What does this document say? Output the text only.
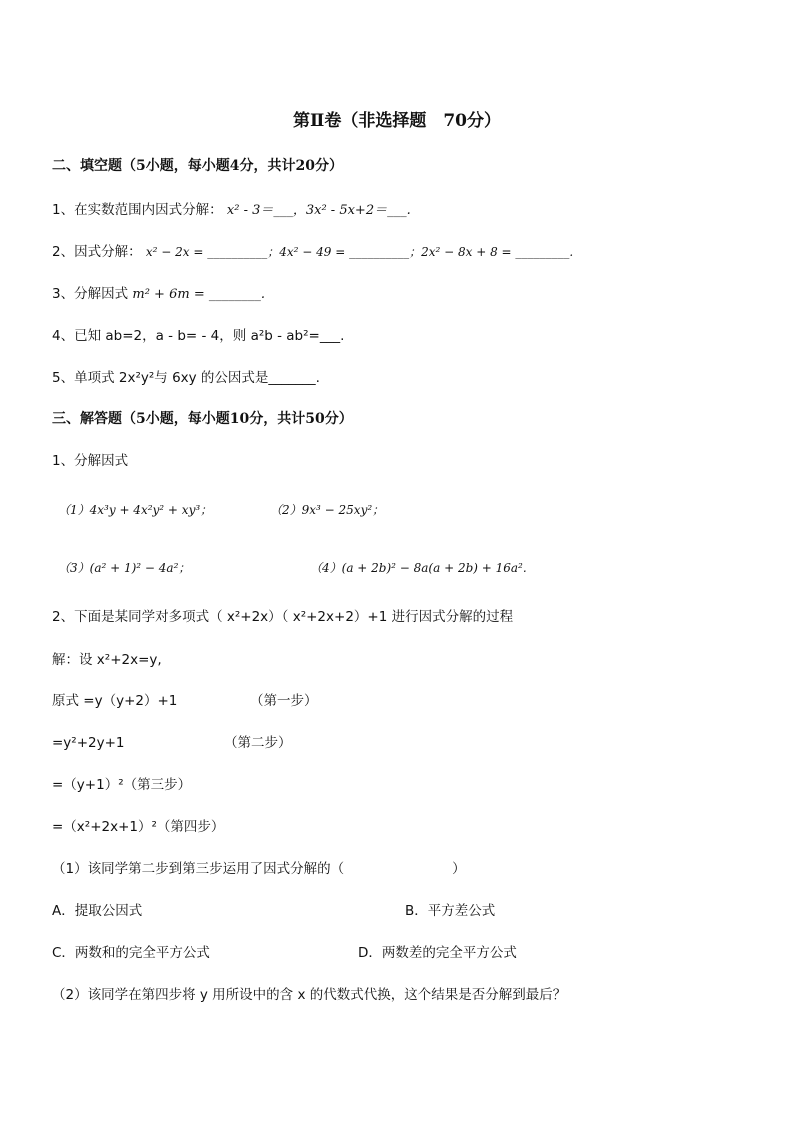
第Ⅱ卷（非选择题　70分）
二、填空题（5小题，每小题4分，共计20分）
1、在实数范围内因式分解： x² - 3＝___，3x² - 5x+2＝___.
2、因式分解： x² − 2x = __________；4x² − 49 = __________；2x² − 8x + 8 = _________.
3、分解因式 m² + 6m = ________.
4、已知 ab=2，a - b= - 4，则 a²b - ab²=___.
5、单项式 2x²y²与 6xy 的公因式是_______.
三、解答题（5小题，每小题10分，共计50分）
1、分解因式
（1）4x³y + 4x²y² + xy³；	（2）9x³ − 25xy²；
（3）(a² + 1)² − 4a²；	（4）(a + 2b)² − 8a(a + 2b) + 16a².
2、下面是某同学对多项式（ x²+2x）（ x²+2x+2）+1 进行因式分解的过程
解：设 x²+2x=y,
原式 =y（y+2）+1	（第一步）
=y²+2y+1	（第二步）
=（y+1）²（第三步）
=（x²+2x+1）²（第四步）
（1）该同学第二步到第三步运用了因式分解的（　　　　　　　　）
A．提取公因式	B．平方差公式
C．两数和的完全平方公式	D．两数差的完全平方公式
（2）该同学在第四步将 y 用所设中的含 x 的代数式代换，这个结果是否分解到最后？
